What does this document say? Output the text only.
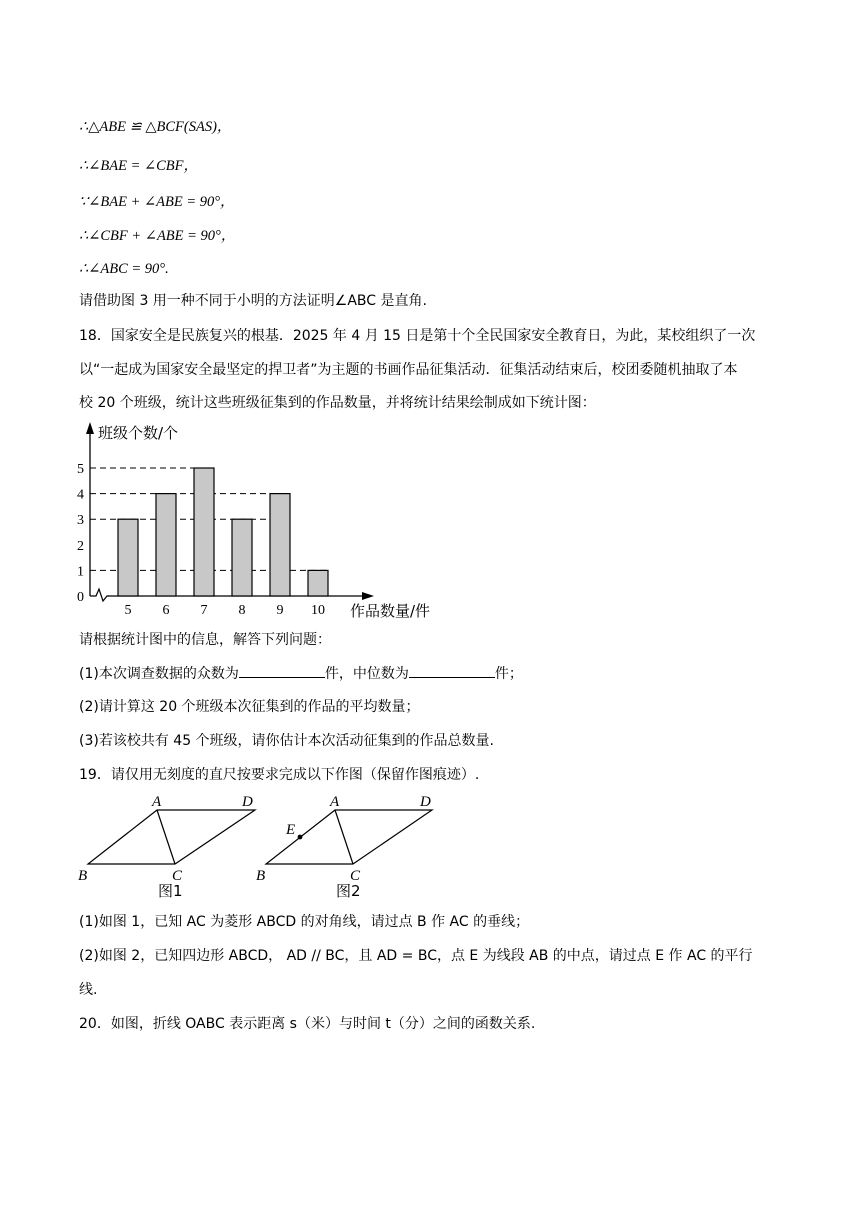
∴△ABE ≌ △BCF(SAS)，
∴∠BAE = ∠CBF，
∵∠BAE + ∠ABE = 90°，
∴∠CBF + ∠ABE = 90°，
∴∠ABC = 90°.
请借助图 3 用一种不同于小明的方法证明∠ABC 是直角.
18．国家安全是民族复兴的根基．2025 年 4 月 15 日是第十个全民国家安全教育日，为此，某校组织了一次
以“一起成为国家安全最坚定的捍卫者”为主题的书画作品征集活动．征集活动结束后，校团委随机抽取了本
校 20 个班级，统计这些班级征集到的作品数量，并将统计结果绘制成如下统计图：
班级个数/个
作品数量/件
0
1
2
3
4
5
5 6 7 8 9 10
请根据统计图中的信息，解答下列问题：
(1)本次调查数据的众数为	件，中位数为	件；
(2)请计算这 20 个班级本次征集到的作品的平均数量；
(3)若该校共有 45 个班级，请你估计本次活动征集到的作品总数量.
19．请仅用无刻度的直尺按要求完成以下作图（保留作图痕迹）.
A	D
B	C
图1
E
A	D
B	C
图2
(1)如图 1，已知 AC 为菱形 ABCD 的对角线，请过点 B 作 AC 的垂线；
(2)如图 2，已知四边形 ABCD， AD // BC，且 AD = BC，点 E 为线段 AB 的中点，请过点 E 作 AC 的平行
线.
20．如图，折线 OABC 表示距离 s（米）与时间 t（分）之间的函数关系.
